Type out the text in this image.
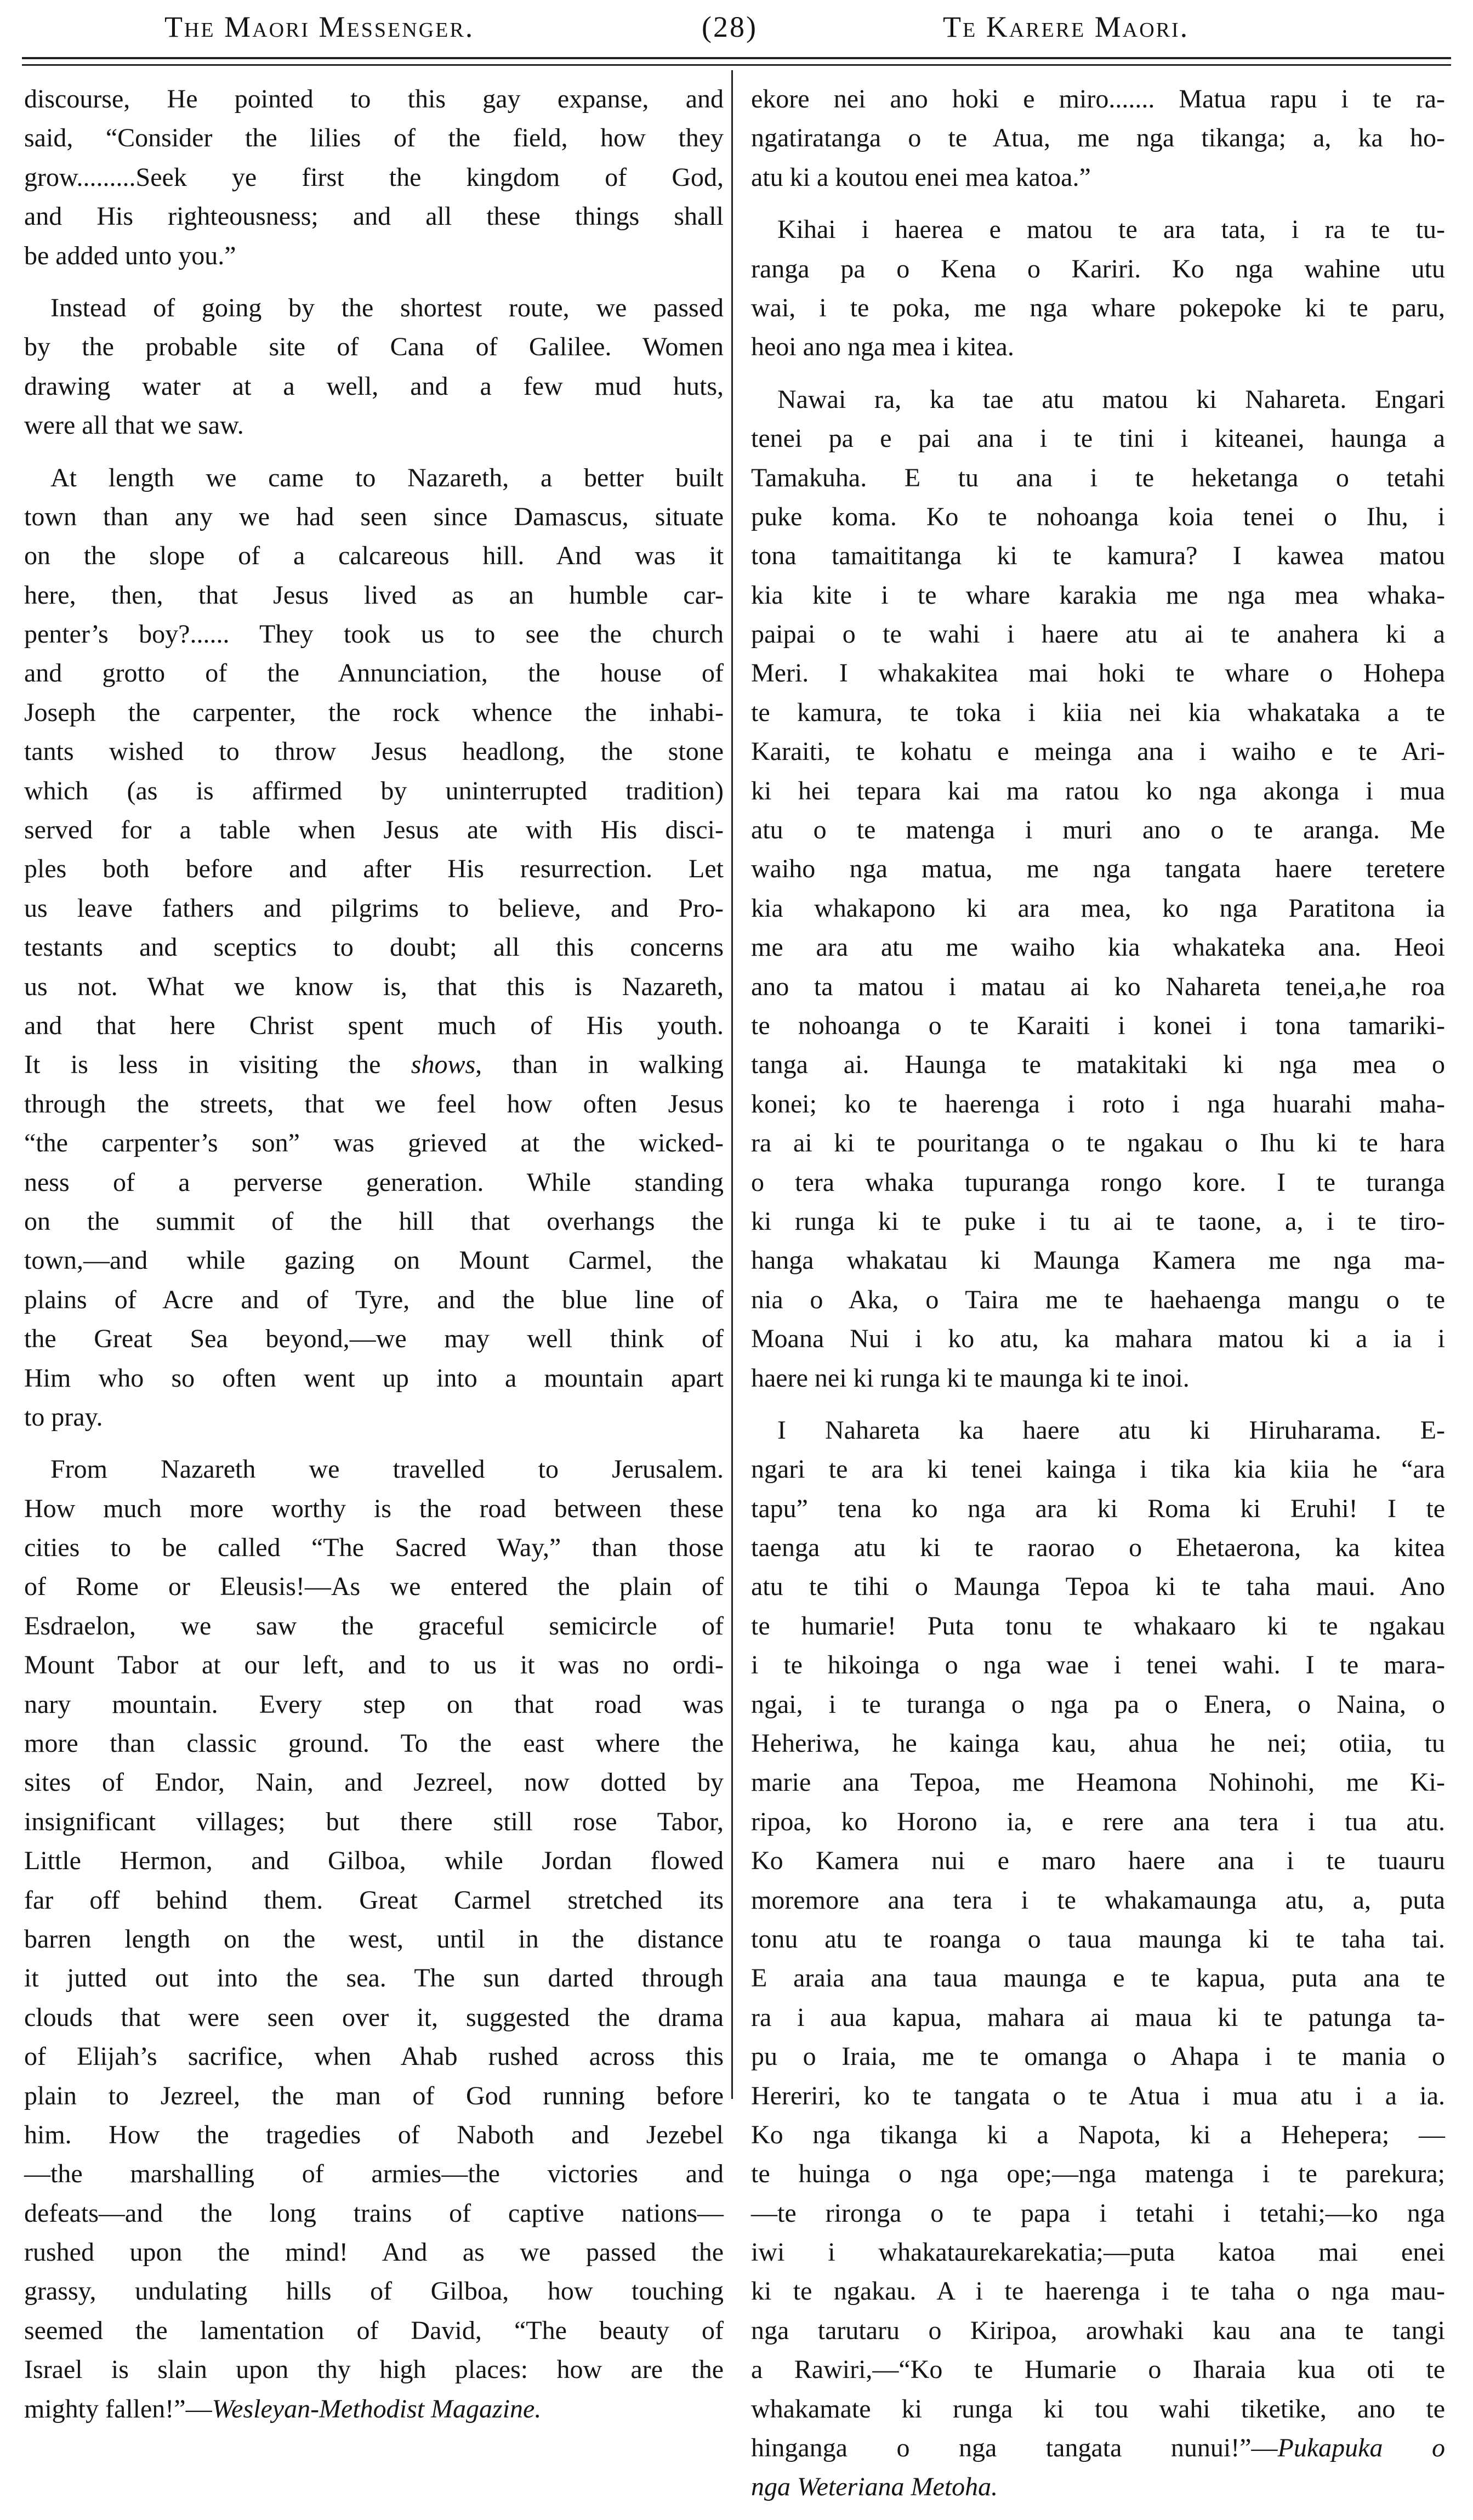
The Maori Messenger.	(28)	Te Karere Maori.
discourse, He pointed to this gay expanse, and
said, “Consider the lilies of the field, how they
grow.........Seek ye first the kingdom of God,
and His righteousness; and all these things shall
be added unto you.”
Instead of going by the shortest route, we passed
by the probable site of Cana of Galilee. Women
drawing water at a well, and a few mud huts,
were all that we saw.
At length we came to Nazareth, a better built
town than any we had seen since Damascus, situate
on the slope of a calcareous hill. And was it
here, then, that Jesus lived as an humble car-
penter’s boy?...... They took us to see the church
and grotto of the Annunciation, the house of
Joseph the carpenter, the rock whence the inhabi-
tants wished to throw Jesus headlong, the stone
which (as is affirmed by uninterrupted tradition)
served for a table when Jesus ate with His disci-
ples both before and after His resurrection. Let
us leave fathers and pilgrims to believe, and Pro-
testants and sceptics to doubt; all this concerns
us not. What we know is, that this is Nazareth,
and that here Christ spent much of His youth.
It is less in visiting the shows, than in walking
through the streets, that we feel how often Jesus
“the carpenter’s son” was grieved at the wicked-
ness of a perverse generation. While standing
on the summit of the hill that overhangs the
town,—and while gazing on Mount Carmel, the
plains of Acre and of Tyre, and the blue line of
the Great Sea beyond,—we may well think of
Him who so often went up into a mountain apart
to pray.
From Nazareth we travelled to Jerusalem.
How much more worthy is the road between these
cities to be called “The Sacred Way,” than those
of Rome or Eleusis!—As we entered the plain of
Esdraelon, we saw the graceful semicircle of
Mount Tabor at our left, and to us it was no ordi-
nary mountain. Every step on that road was
more than classic ground. To the east where the
sites of Endor, Nain, and Jezreel, now dotted by
insignificant villages; but there still rose Tabor,
Little Hermon, and Gilboa, while Jordan flowed
far off behind them. Great Carmel stretched its
barren length on the west, until in the distance
it jutted out into the sea. The sun darted through
clouds that were seen over it, suggested the drama
of Elijah’s sacrifice, when Ahab rushed across this
plain to Jezreel, the man of God running before
him. How the tragedies of Naboth and Jezebel
—the marshalling of armies—the victories and
defeats—and the long trains of captive nations—
rushed upon the mind! And as we passed the
grassy, undulating hills of Gilboa, how touching
seemed the lamentation of David, “The beauty of
Israel is slain upon thy high places: how are the
mighty fallen!”—Wesleyan-Methodist Magazine.
ekore nei ano hoki e miro....... Matua rapu i te ra-
ngatiratanga o te Atua, me nga tikanga; a, ka ho-
atu ki a koutou enei mea katoa.”
Kihai i haerea e matou te ara tata, i ra te tu-
ranga pa o Kena o Kariri. Ko nga wahine utu
wai, i te poka, me nga whare pokepoke ki te paru,
heoi ano nga mea i kitea.
Nawai ra, ka tae atu matou ki Nahareta. Engari
tenei pa e pai ana i te tini i kiteanei, haunga a
Tamakuha. E tu ana i te heketanga o tetahi
puke koma. Ko te nohoanga koia tenei o Ihu, i
tona tamaititanga ki te kamura? I kawea matou
kia kite i te whare karakia me nga mea whaka-
paipai o te wahi i haere atu ai te anahera ki a
Meri. I whakakitea mai hoki te whare o Hohepa
te kamura, te toka i kiia nei kia whakataka a te
Karaiti, te kohatu e meinga ana i waiho e te Ari-
ki hei tepara kai ma ratou ko nga akonga i mua
atu o te matenga i muri ano o te aranga. Me
waiho nga matua, me nga tangata haere teretere
kia whakapono ki ara mea, ko nga Paratitona ia
me ara atu me waiho kia whakateka ana. Heoi
ano ta matou i matau ai ko Nahareta tenei,a,he roa
te nohoanga o te Karaiti i konei i tona tamariki-
tanga ai. Haunga te matakitaki ki nga mea o
konei; ko te haerenga i roto i nga huarahi maha-
ra ai ki te pouritanga o te ngakau o Ihu ki te hara
o tera whaka tupuranga rongo kore. I te turanga
ki runga ki te puke i tu ai te taone, a, i te tiro-
hanga whakatau ki Maunga Kamera me nga ma-
nia o Aka, o Taira me te haehaenga mangu o te
Moana Nui i ko atu, ka mahara matou ki a ia i
haere nei ki runga ki te maunga ki te inoi.
I Nahareta ka haere atu ki Hiruharama. E-
ngari te ara ki tenei kainga i tika kia kiia he “ara
tapu” tena ko nga ara ki Roma ki Eruhi! I te
taenga atu ki te raorao o Ehetaerona, ka kitea
atu te tihi o Maunga Tepoa ki te taha maui. Ano
te humarie! Puta tonu te whakaaro ki te ngakau
i te hikoinga o nga wae i tenei wahi. I te mara-
ngai, i te turanga o nga pa o Enera, o Naina, o
Heheriwa, he kainga kau, ahua he nei; otiia, tu
marie ana Tepoa, me Heamona Nohinohi, me Ki-
ripoa, ko Horono ia, e rere ana tera i tua atu.
Ko Kamera nui e maro haere ana i te tuauru
moremore ana tera i te whakamaunga atu, a, puta
tonu atu te roanga o taua maunga ki te taha tai.
E araia ana taua maunga e te kapua, puta ana te
ra i aua kapua, mahara ai maua ki te patunga ta-
pu o Iraia, me te omanga o Ahapa i te mania o
Hereriri, ko te tangata o te Atua i mua atu i a ia.
Ko nga tikanga ki a Napota, ki a Hehepera; —
te huinga o nga ope;—nga matenga i te parekura;
—te rironga o te papa i tetahi i tetahi;—ko nga
iwi i whakataurekarekatia;—puta katoa mai enei
ki te ngakau. A i te haerenga i te taha o nga mau-
nga tarutaru o Kiripoa, arowhaki kau ana te tangi
a Rawiri,—“Ko te Humarie o Iharaia kua oti te
whakamate ki runga ki tou wahi tiketike, ano te
hinganga o nga tangata nunui!”—Pukapuka o
nga Weteriana Metoha.
